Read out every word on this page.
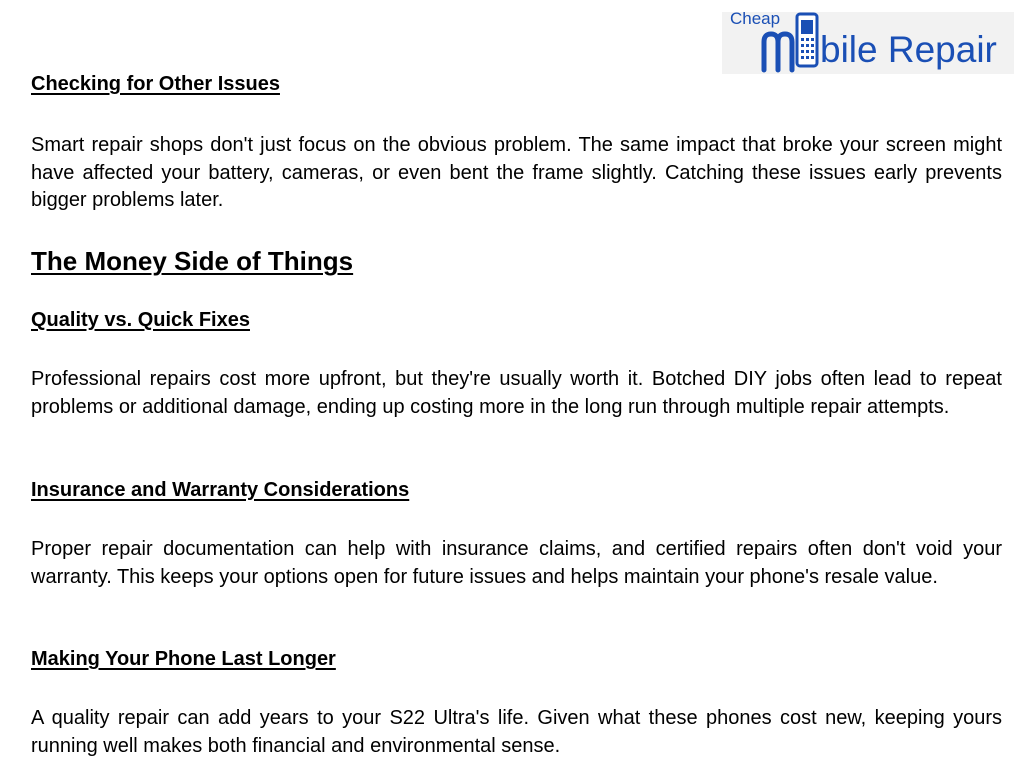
Cheap
bile Repair
Checking for Other Issues

Smart repair shops don't just focus on the obvious problem. The same impact that broke your screen might have affected your battery, cameras, or even bent the frame slightly. Catching these issues early prevents bigger problems later.

The Money Side of Things
Quality vs. Quick Fixes

Professional repairs cost more upfront, but they're usually worth it. Botched DIY jobs often lead to repeat problems or additional damage, ending up costing more in the long run through multiple repair attempts.

Insurance and Warranty Considerations

Proper repair documentation can help with insurance claims, and certified repairs often don't void your warranty. This keeps your options open for future issues and helps maintain your phone's resale value.

Making Your Phone Last Longer

A quality repair can add years to your S22 Ultra's life. Given what these phones cost new, keeping yours running well makes both financial and environmental sense.
